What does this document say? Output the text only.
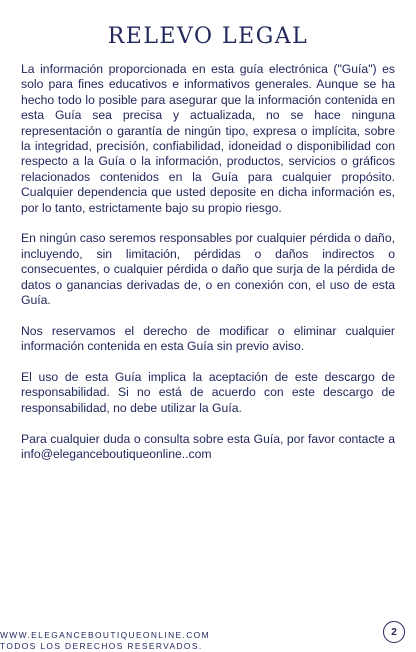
RELEVO LEGAL

La información proporcionada en esta guía electrónica ("Guía") es solo para fines educativos e informativos generales. Aunque se ha hecho todo lo posible para asegurar que la información contenida en esta Guía sea precisa y actualizada, no se hace ninguna representación o garantía de ningún tipo, expresa o implícita, sobre la integridad, precisión, confiabilidad, idoneidad o disponibilidad con respecto a la Guía o la información, productos, servicios o gráficos relacionados contenidos en la Guía para cualquier propósito. Cualquier dependencia que usted deposite en dicha información es, por lo tanto, estrictamente bajo su propio riesgo.

En ningún caso seremos responsables por cualquier pérdida o daño, incluyendo, sin limitación, pérdidas o daños indirectos o consecuentes, o cualquier pérdida o daño que surja de la pérdida de datos o ganancias derivadas de, o en conexión con, el uso de esta Guía.

Nos reservamos el derecho de modificar o eliminar cualquier información contenida en esta Guía sin previo aviso.

El uso de esta Guía implica la aceptación de este descargo de responsabilidad. Si no está de acuerdo con este descargo de responsabilidad, no debe utilizar la Guía.

Para cualquier duda o consulta sobre esta Guía, por favor contacte a info@eleganceboutiqueonline..com

WWW.ELEGANCEBOUTIQUEONLINE.COM
TODOS LOS DERECHOS RESERVADOS.
2
